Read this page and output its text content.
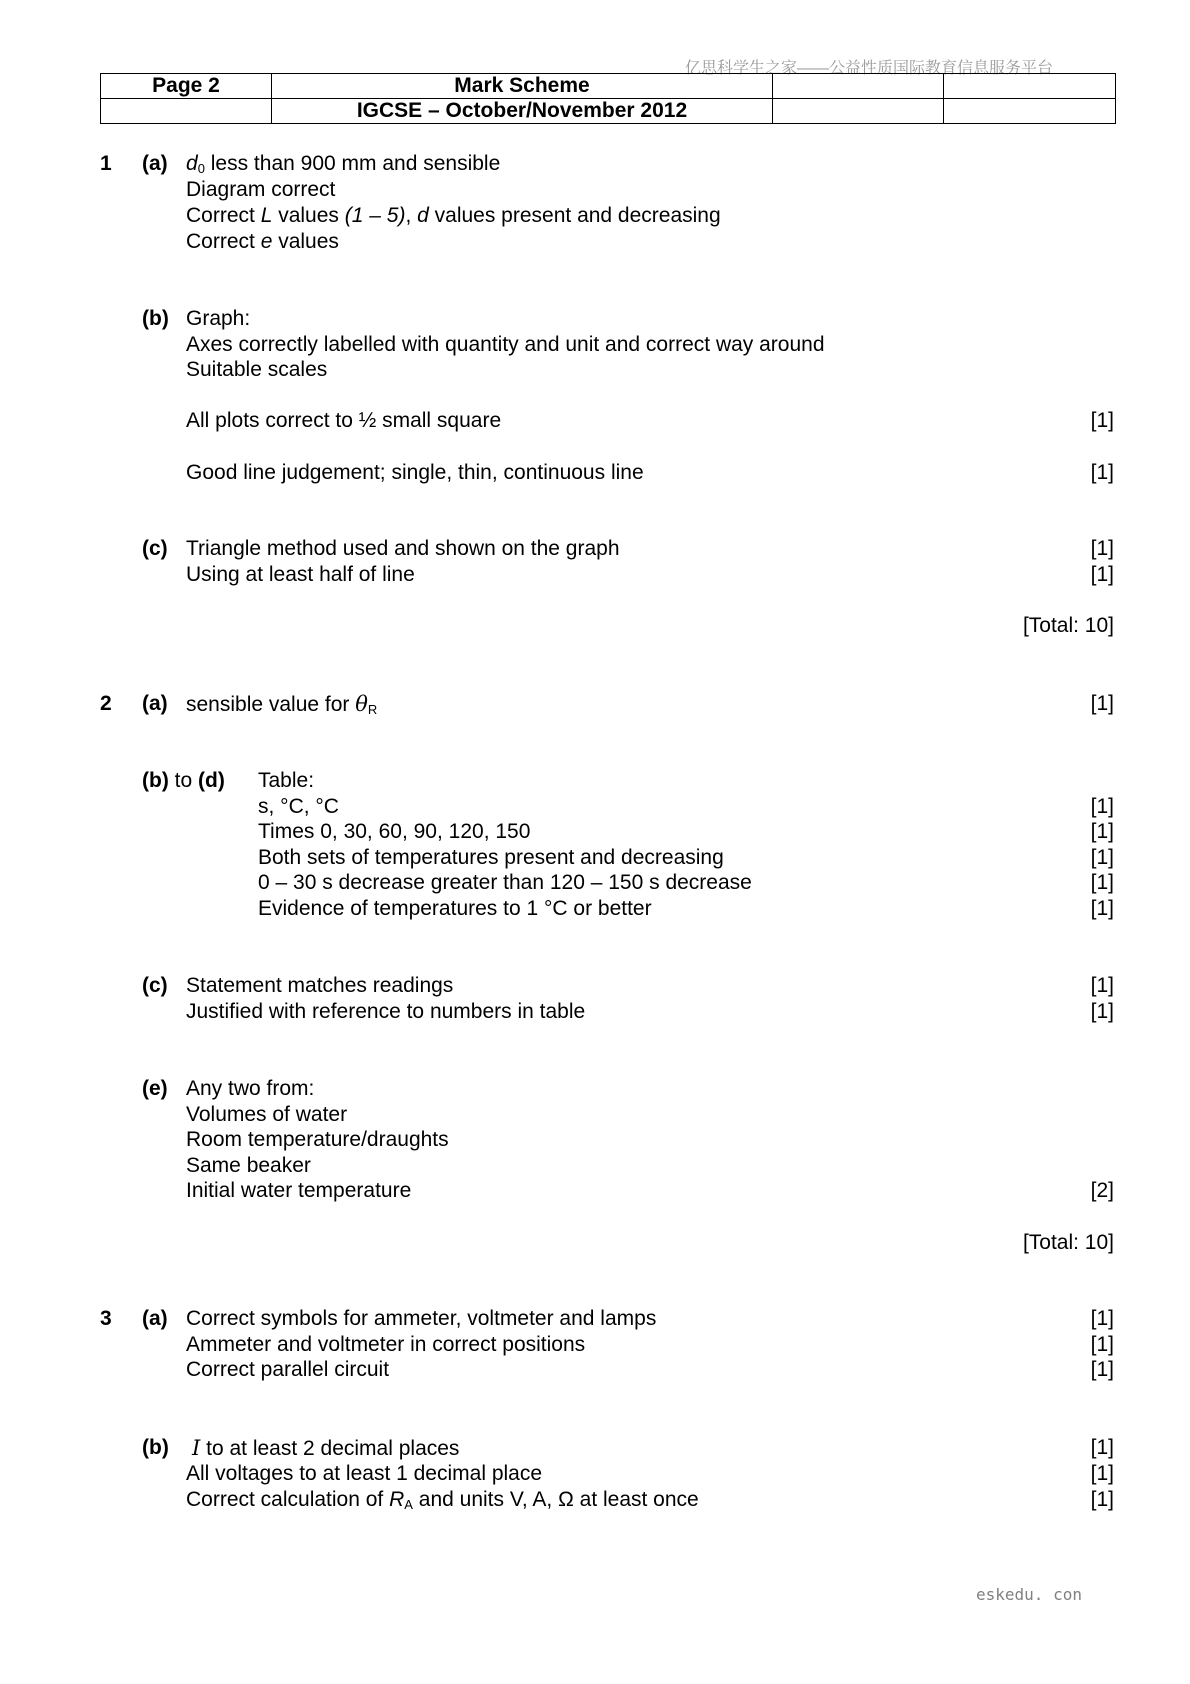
亿思科学生之家——公益性质国际教育信息服务平台
Page 2	Mark Scheme		
	IGCSE – October/November 2012		
1 (a) $d_0$ less than 900 mm and sensible
Diagram correct
Correct L values (1 – 5), d values present and decreasing
Correct e values
(b) Graph:
Axes correctly labelled with quantity and unit and correct way around
Suitable scales
All plots correct to ½ small square	[1]
Good line judgement; single, thin, continuous line	[1]
(c) Triangle method used and shown on the graph	[1]
Using at least half of line	[1]
[Total: 10]
2 (a) sensible value for $\theta_R$	[1]
(b) to (d) Table:
s, °C, °C	[1]
Times 0, 30, 60, 90, 120, 150	[1]
Both sets of temperatures present and decreasing	[1]
0 – 30 s decrease greater than 120 – 150 s decrease	[1]
Evidence of temperatures to 1 °C or better	[1]
(c) Statement matches readings	[1]
Justified with reference to numbers in table	[1]
(e) Any two from:
Volumes of water
Room temperature/draughts
Same beaker
Initial water temperature	[2]
[Total: 10]
3 (a) Correct symbols for ammeter, voltmeter and lamps	[1]
Ammeter and voltmeter in correct positions	[1]
Correct parallel circuit	[1]
(b) I to at least 2 decimal places	[1]
All voltages to at least 1 decimal place	[1]
Correct calculation of $R_A$ and units V, A, Ω at least once	[1]
eskedu. con
